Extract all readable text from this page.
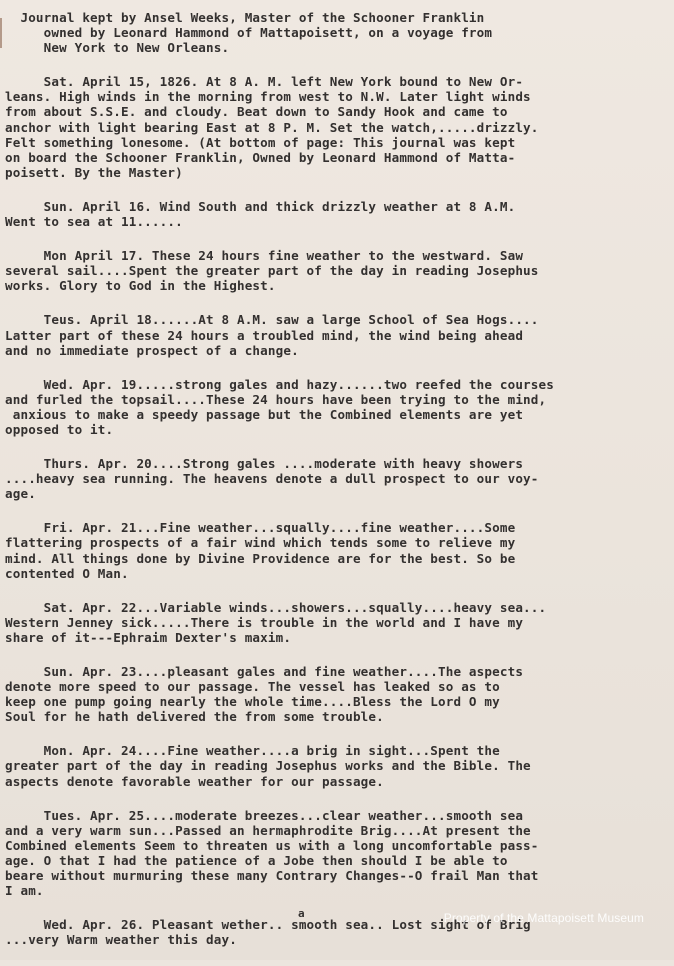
Journal kept by Ansel Weeks, Master of the Schooner Franklin
owned by Leonard Hammond of Mattapoisett, on a voyage from
New York to New Orleans.
Sat. April 15, 1826. At 8 A. M. left New York bound to New Or-
leans. High winds in the morning from west to N.W. Later light winds
from about S.S.E. and cloudy. Beat down to Sandy Hook and came to
anchor with light bearing East at 8 P. M. Set the watch,.....drizzly.
Felt something lonesome. (At bottom of page: This journal was kept
on board the Schooner Franklin, Owned by Leonard Hammond of Matta-
poisett. By the Master)
Sun. April 16. Wind South and thick drizzly weather at 8 A.M.
Went to sea at 11......
Mon April 17. These 24 hours fine weather to the westward. Saw
several sail....Spent the greater part of the day in reading Josephus
works. Glory to God in the Highest.
Teus. April 18......At 8 A.M. saw a large School of Sea Hogs....
Latter part of these 24 hours a troubled mind, the wind being ahead
and no immediate prospect of a change.
Wed. Apr. 19.....strong gales and hazy......two reefed the courses
and furled the topsail....These 24 hours have been trying to the mind,
anxious to make a speedy passage but the Combined elements are yet
opposed to it.
Thurs. Apr. 20....Strong gales ....moderate with heavy showers
....heavy sea running. The heavens denote a dull prospect to our voy-
age.
Fri. Apr. 21...Fine weather...squally....fine weather....Some
flattering prospects of a fair wind which tends some to relieve my
mind. All things done by Divine Providence are for the best. So be
contented O Man.
Sat. Apr. 22...Variable winds...showers...squally....heavy sea...
Western Jenney sick.....There is trouble in the world and I have my
share of it---Ephraim Dexter's maxim.
Sun. Apr. 23....pleasant gales and fine weather....The aspects
denote more speed to our passage. The vessel has leaked so as to
keep one pump going nearly the whole time....Bless the Lord O my
Soul for he hath delivered the from some trouble.
Mon. Apr. 24....Fine weather....a brig in sight...Spent the
greater part of the day in reading Josephus works and the Bible. The
aspects denote favorable weather for our passage.
Tues. Apr. 25....moderate breezes...clear weather...smooth sea
and a very warm sun...Passed an hermaphrodite Brig....At present the
Combined elements Seem to threaten us with a long uncomfortable pass-
age. O that I had the patience of a Jobe then should I be able to
beare without murmuring these many Contrary Changes--O frail Man that
I am.
Wed. Apr. 26. Pleasant wether.. smooth sea.. Lost sight of Brig
...very Warm weather this day.
a	Property of the Mattapoisett Museum
